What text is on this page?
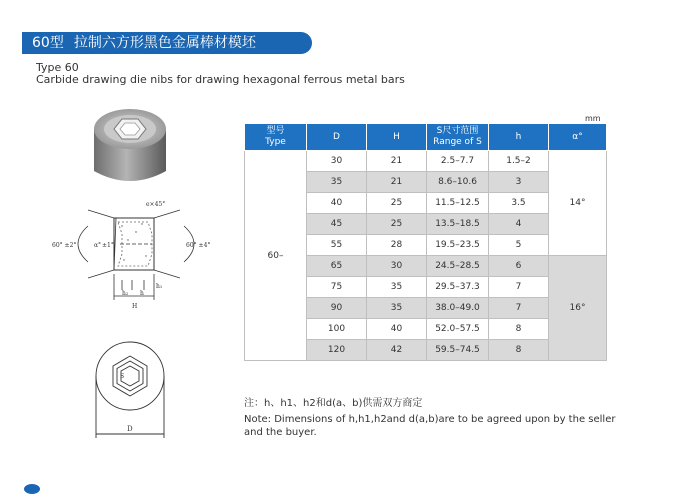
60型 拉制六方形黑色金属棒材模坯
Type 60
Carbide drawing die nibs for drawing hexagonal ferrous metal bars
mm
e×45°
60° ±2°	60° ±4°
α° ±1°
h₁
h₂ h
H
S
D
型号
Type	D	H	S尺寸范围
Range of S	h	α°
60–	30	21	2.5–7.7	1.5–2	14°
	35	21	8.6–10.6	3	
	40	25	11.5–12.5	3.5	
	45	25	13.5–18.5	4	
	55	28	19.5–23.5	5	
	65	30	24.5–28.5	6	16°
	75	35	29.5–37.3	7	
	90	35	38.0–49.0	7	
	100	40	52.0–57.5	8	
	120	42	59.5–74.5	8	
注：h、h1、h2和d(a、b)供需双方商定
Note: Dimensions of h,h1,h2and d(a,b)are to be agreed upon by the seller and the buyer.
